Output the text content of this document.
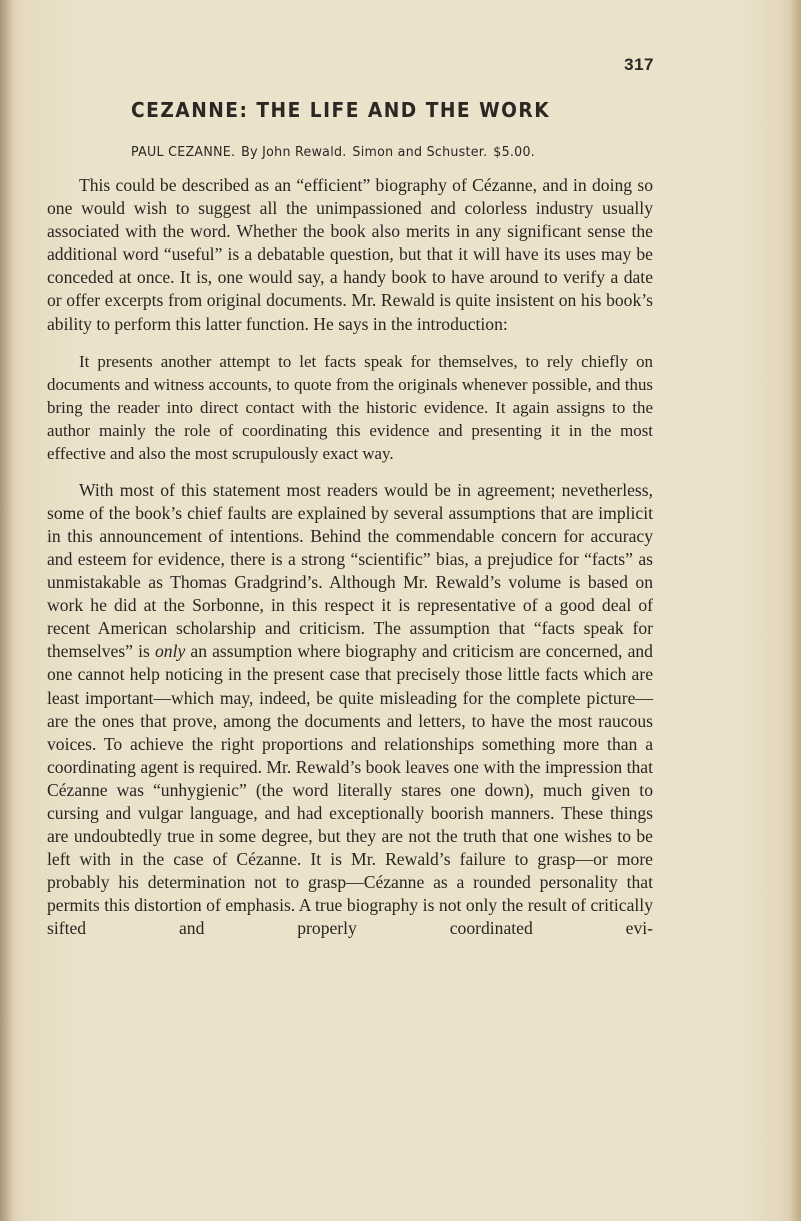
317
CEZANNE: THE LIFE AND THE WORK
PAUL CEZANNE. By John Rewald. Simon and Schuster. $5.00.

This could be described as an “efficient” biography of Cézanne, and in doing so one would wish to suggest all the unimpassioned and colorless industry usually associated with the word. Whether the book also merits in any significant sense the additional word “useful” is a debatable question, but that it will have its uses may be conceded at once. It is, one would say, a handy book to have around to verify a date or offer excerpts from original documents. Mr. Rewald is quite insistent on his book’s ability to perform this latter function. He says in the introduction:

It presents another attempt to let facts speak for themselves, to rely chiefly on documents and witness accounts, to quote from the originals whenever possible, and thus bring the reader into direct contact with the historic evidence. It again assigns to the author mainly the role of coordinating this evidence and presenting it in the most effective and also the most scrupulously exact way.

With most of this statement most readers would be in agreement; nevetherless, some of the book’s chief faults are explained by several assumptions that are implicit in this announcement of intentions. Behind the commendable concern for accuracy and esteem for evidence, there is a strong “scientific” bias, a prejudice for “facts” as unmistakable as Thomas Gradgrind’s. Although Mr. Rewald’s volume is based on work he did at the Sorbonne, in this respect it is representative of a good deal of recent American scholarship and criticism. The assumption that “facts speak for themselves” is only an assumption where biography and criticism are concerned, and one cannot help noticing in the present case that precisely those little facts which are least important—which may, indeed, be quite misleading for the complete picture—are the ones that prove, among the documents and letters, to have the most raucous voices. To achieve the right proportions and relationships something more than a coordinating agent is required. Mr. Rewald’s book leaves one with the impression that Cézanne was “unhygienic” (the word literally stares one down), much given to cursing and vulgar language, and had exceptionally boorish manners. These things are undoubtedly true in some degree, but they are not the truth that one wishes to be left with in the case of Cézanne. It is Mr. Rewald’s failure to grasp—or more probably his determination not to grasp—Cézanne as a rounded personality that permits this distortion of emphasis. A true biography is not only the result of critically sifted and properly coordinated evi-
